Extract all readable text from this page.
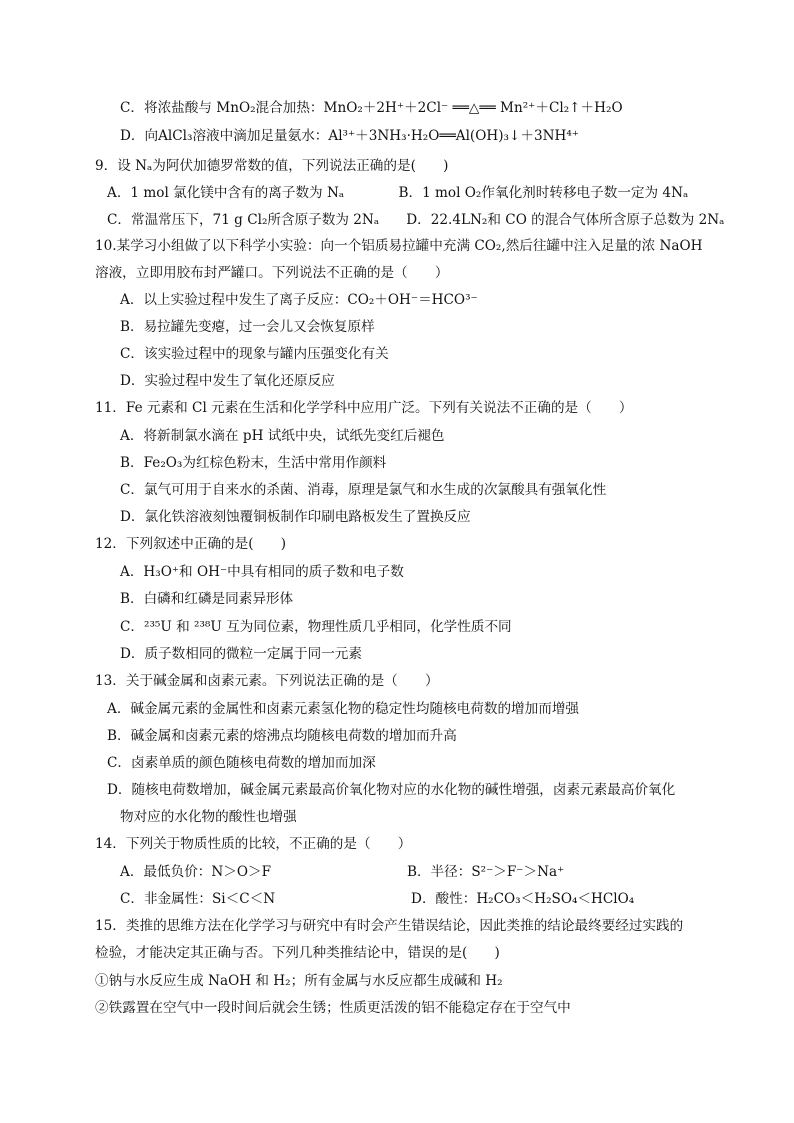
C．将浓盐酸与 MnO₂混合加热：MnO₂＋2H⁺＋2Cl⁻ ══△══ Mn²⁺＋Cl₂↑＋H₂O
D．向AlCl₃溶液中滴加足量氨水：Al³⁺＋3NH₃·H₂O══Al(OH)₃↓＋3NH⁴⁺
9．设 Nₐ为阿伏加德罗常数的值，下列说法正确的是(　　)
A．1 mol 氯化镁中含有的离子数为 Nₐ　　　　B．1 mol O₂作氧化剂时转移电子数一定为 4Nₐ
C．常温常压下，71 g Cl₂所含原子数为 2Nₐ　　D．22.4LN₂和 CO 的混合气体所含原子总数为 2Nₐ
10.某学习小组做了以下科学小实验：向一个铝质易拉罐中充满 CO₂,然后往罐中注入足量的浓 NaOH
溶液，立即用胶布封严罐口。下列说法不正确的是（　　）
A．以上实验过程中发生了离子反应：CO₂＋OH⁻＝HCO³⁻
B．易拉罐先变瘪，过一会儿又会恢复原样
C．该实验过程中的现象与罐内压强变化有关
D．实验过程中发生了氧化还原反应
11．Fe 元素和 Cl 元素在生活和化学学科中应用广泛。下列有关说法不正确的是（　　）
A．将新制氯水滴在 pH 试纸中央，试纸先变红后褪色
B．Fe₂O₃为红棕色粉末，生活中常用作颜料
C．氯气可用于自来水的杀菌、消毒，原理是氯气和水生成的次氯酸具有强氧化性
D．氯化铁溶液刻蚀覆铜板制作印刷电路板发生了置换反应
12．下列叙述中正确的是(　　)
A．H₃O⁺和 OH⁻中具有相同的质子数和电子数
B．白磷和红磷是同素异形体
C．²³⁵U 和 ²³⁸U 互为同位素，物理性质几乎相同，化学性质不同
D．质子数相同的微粒一定属于同一元素
13．关于碱金属和卤素元素。下列说法正确的是（　　）
A．碱金属元素的金属性和卤素元素氢化物的稳定性均随核电荷数的增加而增强
B．碱金属和卤素元素的熔沸点均随核电荷数的增加而升高
C．卤素单质的颜色随核电荷数的增加而加深
D．随核电荷数增加，碱金属元素最高价氧化物对应的水化物的碱性增强，卤素元素最高价氧化
物对应的水化物的酸性也增强
14．下列关于物质性质的比较，不正确的是（　　）
A．最低负价：N＞O＞F　　　　　　　　　　B．半径：S²⁻＞F⁻＞Na⁺
C．非金属性：Si＜C＜N　　　　　　　　　　D．酸性：H₂CO₃＜H₂SO₄＜HClO₄
15．类推的思维方法在化学学习与研究中有时会产生错误结论，因此类推的结论最终要经过实践的
检验，才能决定其正确与否。下列几种类推结论中，错误的是(　　)
①钠与水反应生成 NaOH 和 H₂；所有金属与水反应都生成碱和 H₂
②铁露置在空气中一段时间后就会生锈；性质更活泼的铝不能稳定存在于空气中
